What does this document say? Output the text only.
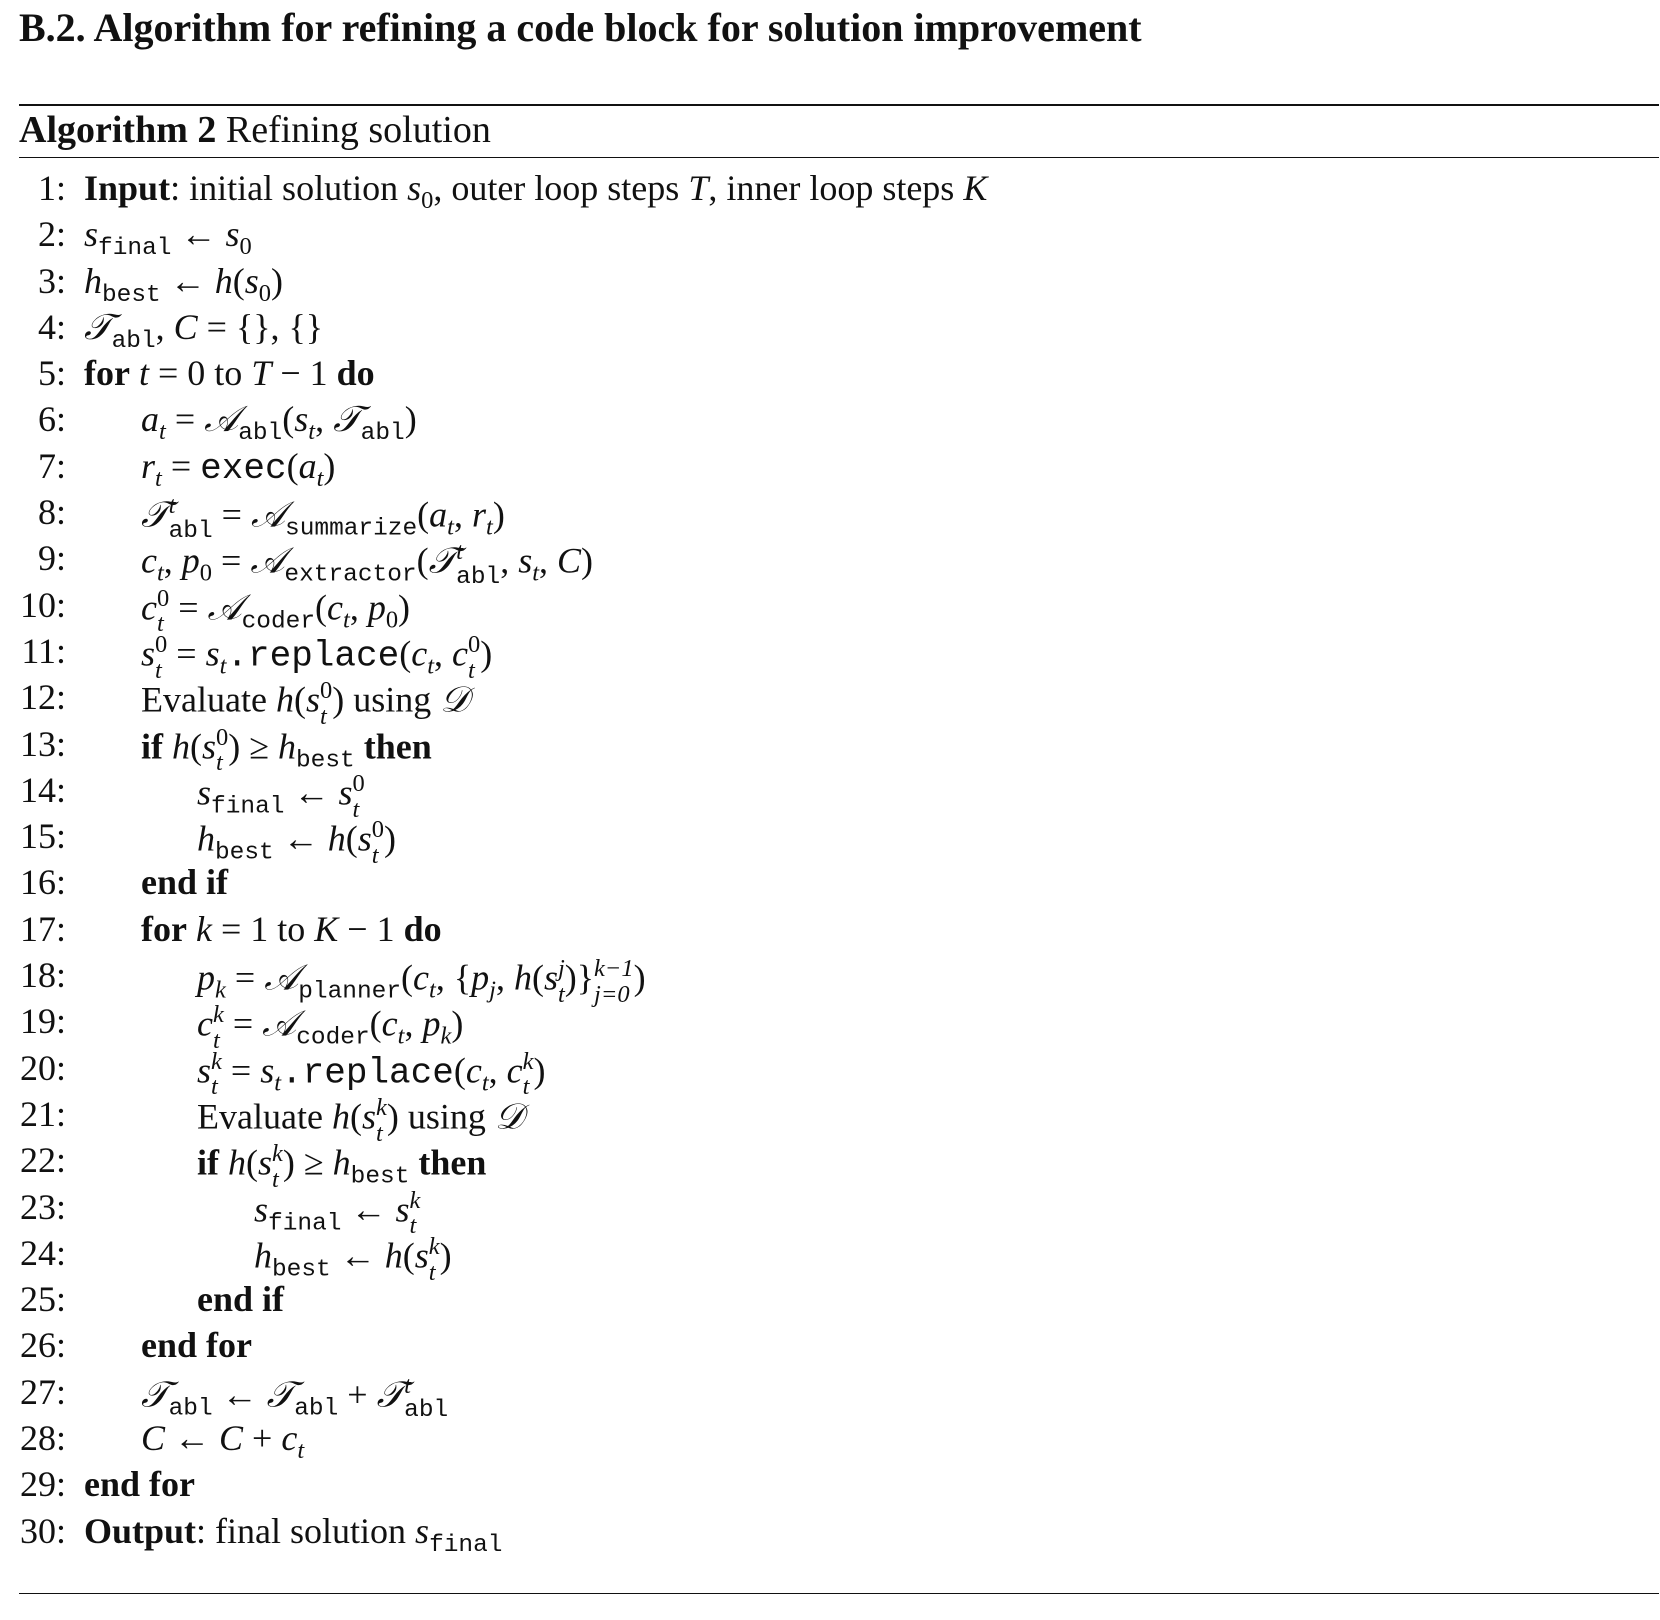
B.2. Algorithm for refining a code block for solution improvement
Algorithm 2 Refining solution
1: Input: initial solution $s_0$, outer loop steps T, inner loop steps K
2: $s_{final}$ ← $s_0$
3: $h_{best}$ ← $h(s_0)$
4: 𝒯$_{abl}$, C = {}, {}
5: for t = 0 to T − 1 do
6: $a_t$ = $𝒜_{abl}(s_t$, 𝒯$_{abl}$)
7: $r_t$ = $exec(a_t)$
8: 𝒯 t
abl = $𝒜_{summarize}(a_t$, $r_t$)
9: $c_t$, $p_0$ = 𝒜$_{extractor}$(𝒯 t
abl , $s_t$, C)
10: c 0
$t = 𝒜_{coder}(c_t$, $p_0$)
11: s 0
$t = s_t.replace(c_t$, c 0
t )
12: Evaluate h(s 0
t ) using 𝒟
13: if h(s 0
t ) ≥ $h_{best}$ then
14:	$s_{final}$ ← s 0
t
15:	$h_{best}$ ← h(s 0
t )
16: end if
17: for k = 1 to K − 1 do
18:	$p_k$ = $𝒜_{planner}(c_t$, {$p_j$, h(s j
t )} k−1
j=0 )
19:	c k
$t = 𝒜_{coder}(c_t$, $p_k$)
20:	s k
$t = s_t.replace(c_t$, c k
t )
21:	Evaluate h(s k
t ) using 𝒟
22:	if h(s k
t ) ≥ $h_{best}$ then
23:	$s_{final}$ ← s k
t
24:	$h_{best}$ ← h(s k
t )
25:	end if
26: end for
27: 𝒯$_{abl}$ ← 𝒯$_{abl}$ + 𝒯 t
abl
28: C ← $C + c_t$
29: end for
30: Output: final solution $s_{final}$
